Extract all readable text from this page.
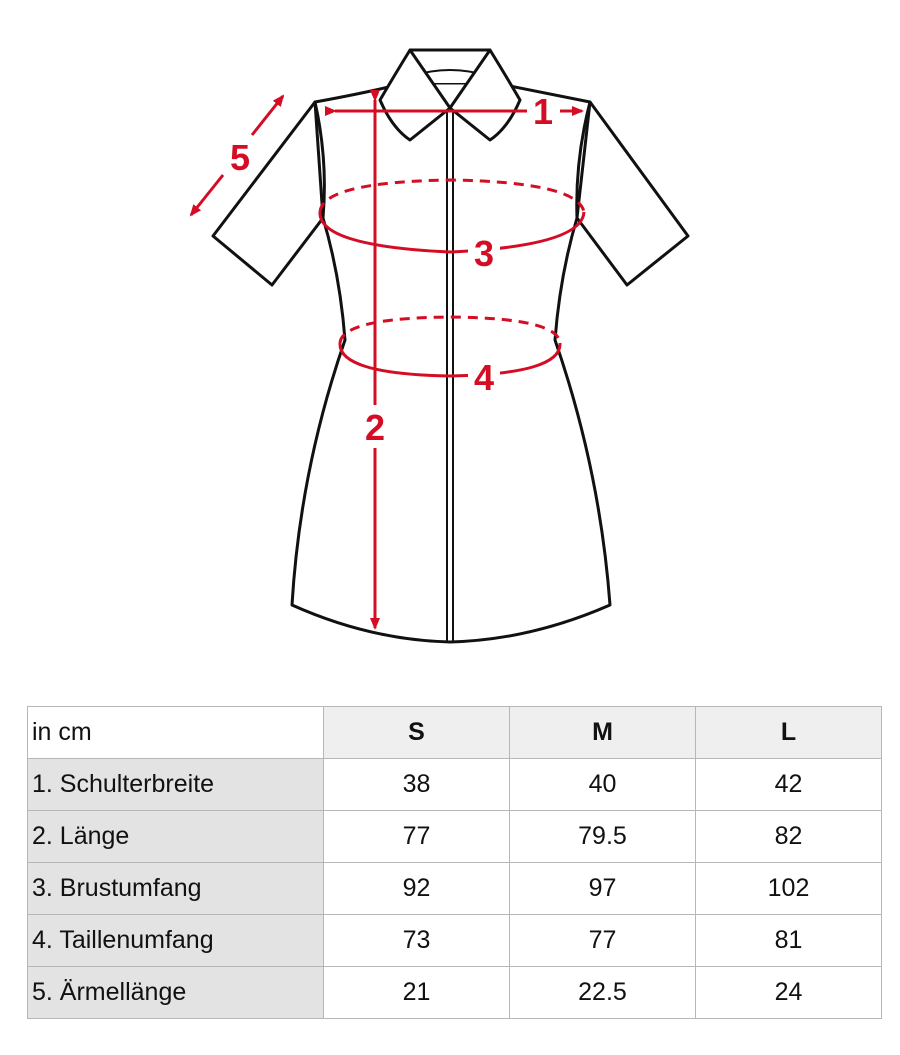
1
2
3
4
5
in cm	S	M	L
1. Schulterbreite	38	40	42
2. Länge	77	79.5	82
3. Brustumfang	92	97	102
4. Taillenumfang	73	77	81
5. Ärmellänge	21	22.5	24
